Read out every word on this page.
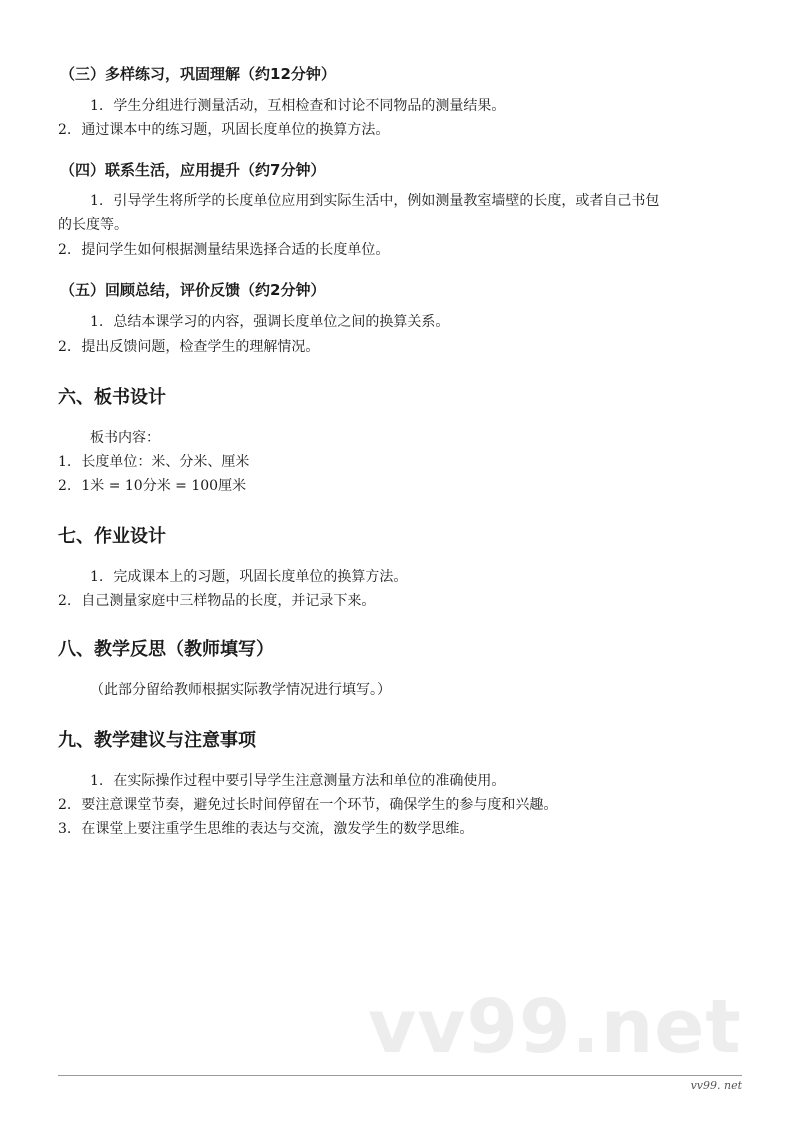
（三）多样练习，巩固理解（约12分钟）
1. 学生分组进行测量活动，互相检查和讨论不同物品的测量结果。
2. 通过课本中的练习题，巩固长度单位的换算方法。
（四）联系生活，应用提升（约7分钟）
1. 引导学生将所学的长度单位应用到实际生活中，例如测量教室墙壁的长度，或者自己书包
的长度等。
2. 提问学生如何根据测量结果选择合适的长度单位。
（五）回顾总结，评价反馈（约2分钟）
1. 总结本课学习的内容，强调长度单位之间的换算关系。
2. 提出反馈问题，检查学生的理解情况。
六、板书设计
板书内容：
1. 长度单位：米、分米、厘米
2. 1米 = 10分米 = 100厘米
七、作业设计
1. 完成课本上的习题，巩固长度单位的换算方法。
2. 自己测量家庭中三样物品的长度，并记录下来。
八、教学反思（教师填写）
（此部分留给教师根据实际教学情况进行填写。）
九、教学建议与注意事项
1. 在实际操作过程中要引导学生注意测量方法和单位的准确使用。
2. 要注意课堂节奏，避免过长时间停留在一个环节，确保学生的参与度和兴趣。
3. 在课堂上要注重学生思维的表达与交流，激发学生的数学思维。
vv99.net
vv99. net
